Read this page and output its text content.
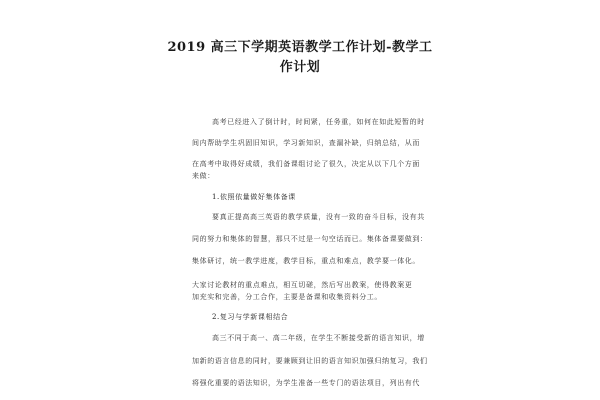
2019 高三下学期英语教学工作计划-教学工
作计划
高考已经进入了倒计时，时间紧，任务重，如何在如此短暂的时
间内帮助学生巩固旧知识，学习新知识，查漏补缺，归纳总结，从而
在高考中取得好成绩，我们备课组讨论了很久，决定从以下几个方面
来做：
1.依照依量做好集体备课
要真正提高高三英语的教学质量，没有一致的奋斗目标，没有共
同的努力和集体的智慧，那只不过是一句空话而已。集体备课要做到：
集体研讨，统一教学进度，教学目标，重点和难点，教学要一体化。
大家讨论教材的重点难点，相互切磋，然后写出教案，使得教案更
加充实和完善，分工合作，主要是备课和收集资料分工。
2.复习与学新课相结合
高三不同于高一、高二年级，在学生不断接受新的语言知识，增
加新的语言信息的同时，要兼顾到让旧的语言知识加强归纳复习，我们
将强化重要的语法知识，为学生准备一些专门的语法项目，列出有代
